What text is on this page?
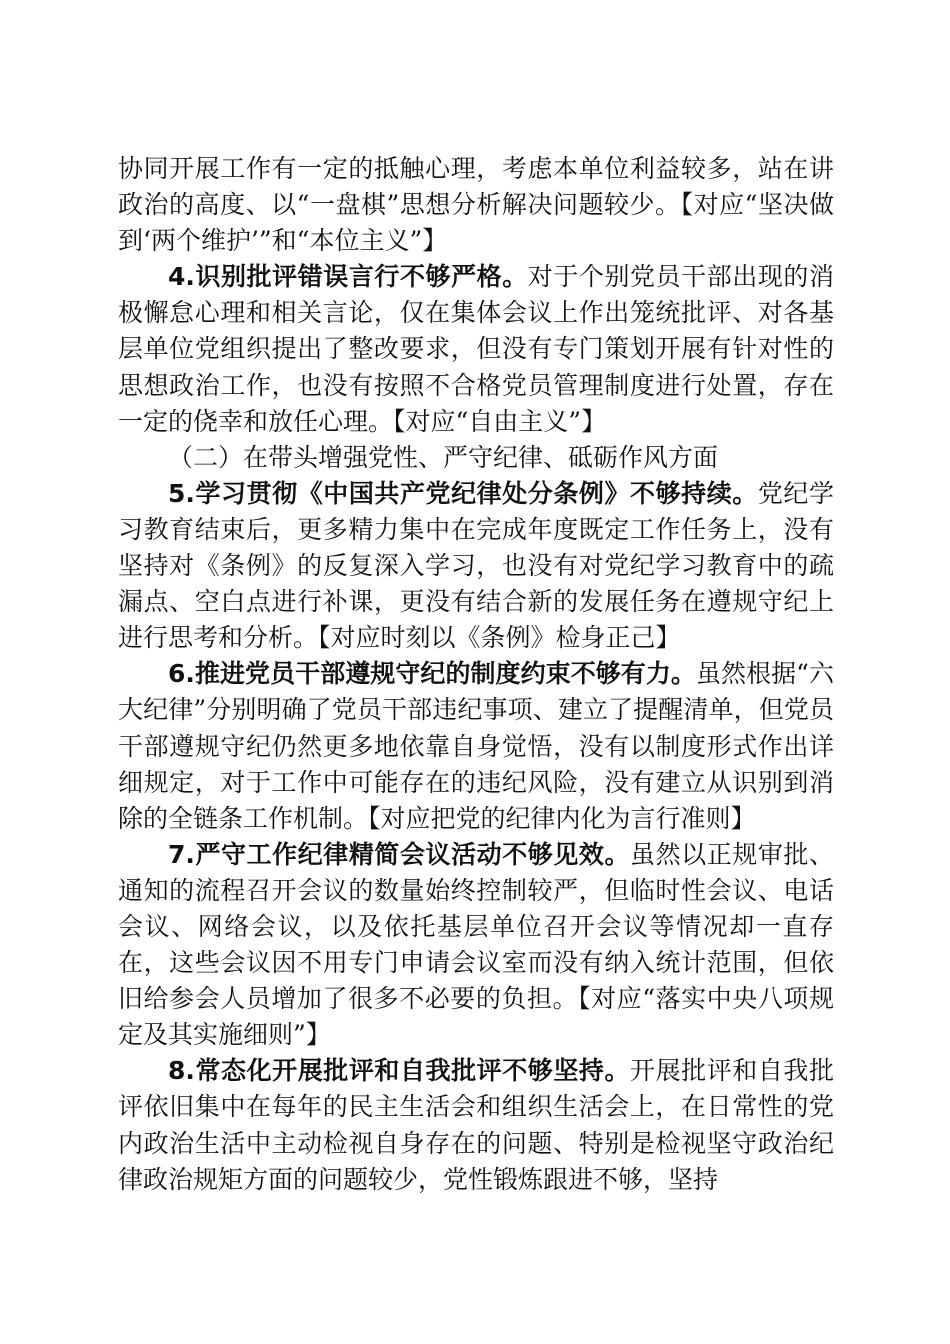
协同开展工作有一定的抵触心理，考虑本单位利益较多，站在讲政治的高度、以“一盘棋”思想分析解决问题较少。【对应“坚决做到‘两个维护’”和“本位主义”】

4.识别批评错误言行不够严格。对于个别党员干部出现的消极懈怠心理和相关言论，仅在集体会议上作出笼统批评、对各基层单位党组织提出了整改要求，但没有专门策划开展有针对性的思想政治工作，也没有按照不合格党员管理制度进行处置，存在一定的侥幸和放任心理。【对应“自由主义”】

（二）在带头增强党性、严守纪律、砥砺作风方面

5.学习贯彻《中国共产党纪律处分条例》不够持续。党纪学习教育结束后，更多精力集中在完成年度既定工作任务上，没有坚持对《条例》的反复深入学习，也没有对党纪学习教育中的疏漏点、空白点进行补课，更没有结合新的发展任务在遵规守纪上进行思考和分析。【对应时刻以《条例》检身正己】

6.推进党员干部遵规守纪的制度约束不够有力。虽然根据“六大纪律”分别明确了党员干部违纪事项、建立了提醒清单，但党员干部遵规守纪仍然更多地依靠自身觉悟，没有以制度形式作出详细规定，对于工作中可能存在的违纪风险，没有建立从识别到消除的全链条工作机制。【对应把党的纪律内化为言行准则】

7.严守工作纪律精简会议活动不够见效。虽然以正规审批、通知的流程召开会议的数量始终控制较严，但临时性会议、电话会议、网络会议，以及依托基层单位召开会议等情况却一直存在，这些会议因不用专门申请会议室而没有纳入统计范围，但依旧给参会人员增加了很多不必要的负担。【对应“落实中央八项规定及其实施细则”】

8.常态化开展批评和自我批评不够坚持。开展批评和自我批评依旧集中在每年的民主生活会和组织生活会上，在日常性的党内政治生活中主动检视自身存在的问题、特别是检视坚守政治纪律政治规矩方面的问题较少，党性锻炼跟进不够，坚持
